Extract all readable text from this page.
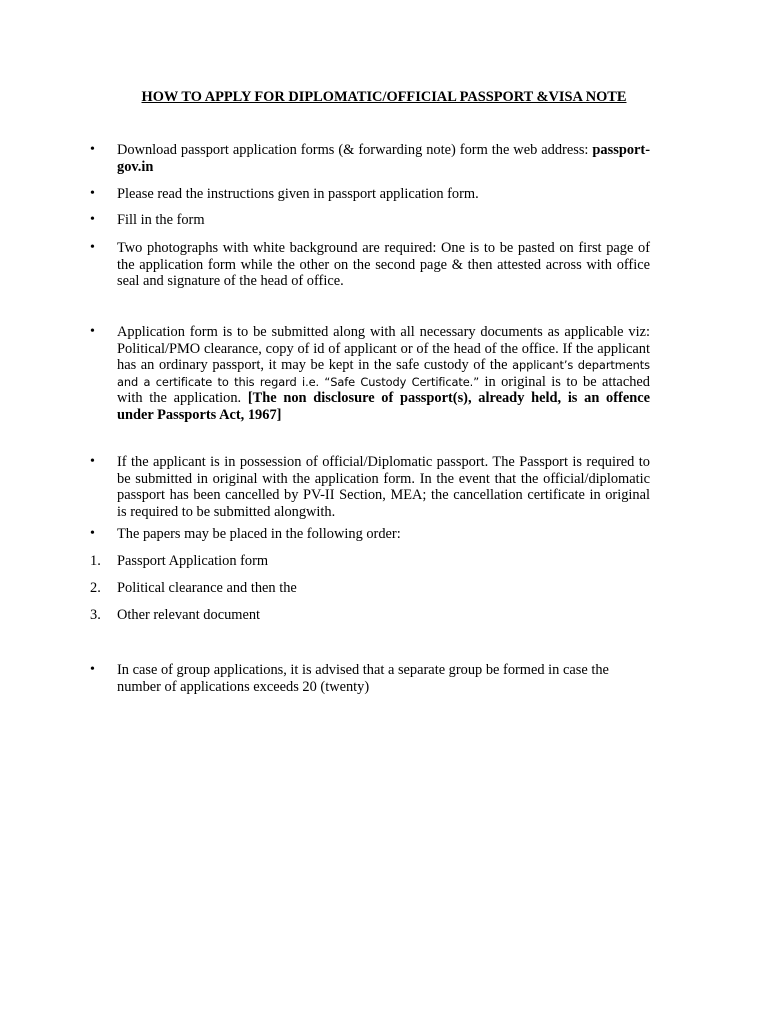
HOW TO APPLY FOR DIPLOMATIC/OFFICIAL PASSPORT &VISA NOTE
•	Download passport application forms (& forwarding note) form the web address: passport-gov.in
•	Please read the instructions given in passport application form.
•	Fill in the form
•	Two photographs with white background are required: One is to be pasted on first page of the application form while the other on the second page & then attested across with office seal and signature of the head of office.
•	Application form is to be submitted along with all necessary documents as applicable viz: Political/PMO clearance, copy of id of applicant or of the head of the office. If the applicant has an ordinary passport, it may be kept in the safe custody of the applicant’s departments and a certificate to this regard i.e. “Safe Custody Certificate.” in original is to be attached with the application. [The non disclosure of passport(s), already held, is an offence under Passports Act, 1967]
•	If the applicant is in possession of official/Diplomatic passport. The Passport is required to be submitted in original with the application form. In the event that the official/diplomatic passport has been cancelled by PV-II Section, MEA; the cancellation certificate in original is required to be submitted alongwith.
•	The papers may be placed in the following order:
1.	Passport Application form
2.	Political clearance and then the
3.	Other relevant document
•	In case of group applications, it is advised that a separate group be formed in case the number of applications exceeds 20 (twenty)
